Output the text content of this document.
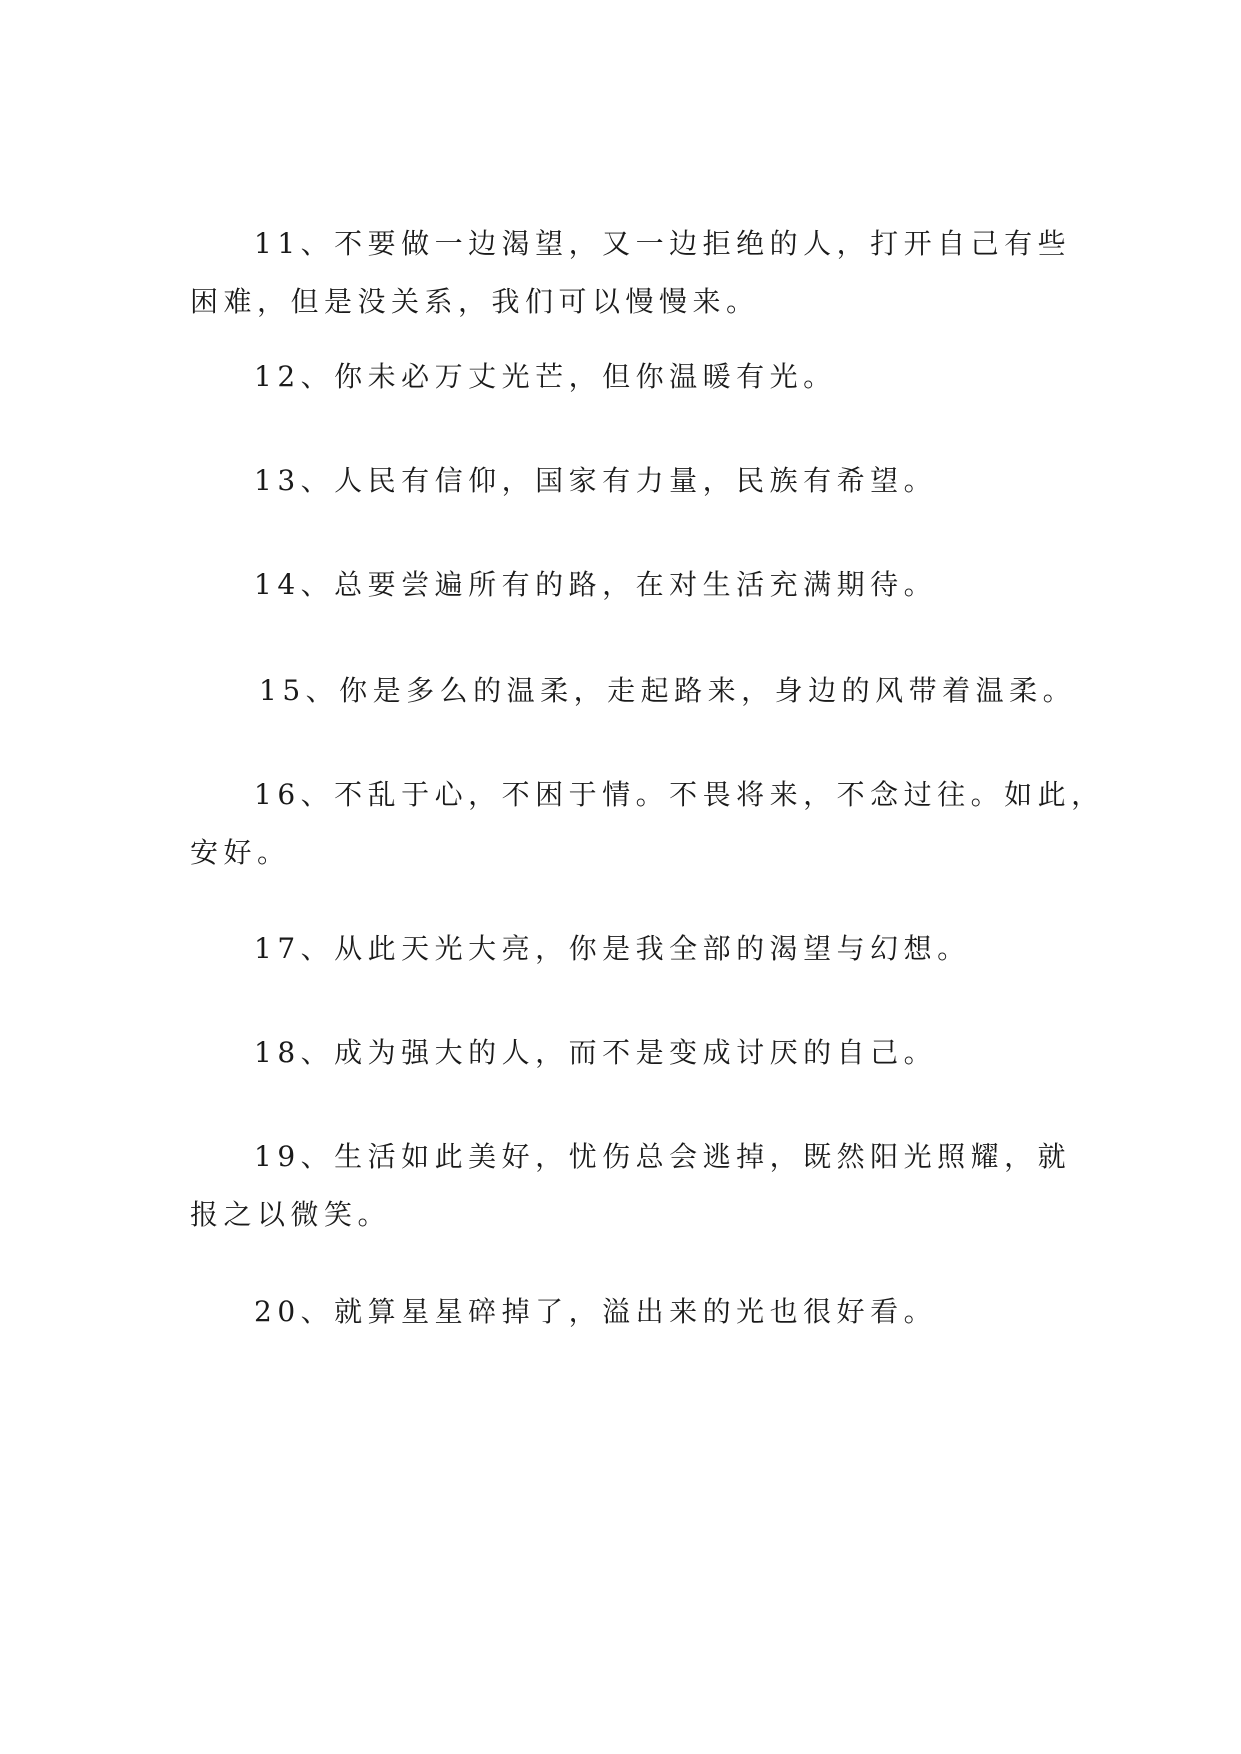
11、不要做一边渴望，又一边拒绝的人，打开自己有些
困难，但是没关系，我们可以慢慢来。

12、你未必万丈光芒，但你温暖有光。

13、人民有信仰，国家有力量，民族有希望。

14、总要尝遍所有的路，在对生活充满期待。

15、你是多么的温柔，走起路来，身边的风带着温柔。

16、不乱于心，不困于情。不畏将来，不念过往。如此，
安好。

17、从此天光大亮，你是我全部的渴望与幻想。

18、成为强大的人，而不是变成讨厌的自己。

19、生活如此美好，忧伤总会逃掉，既然阳光照耀，就
报之以微笑。

20、就算星星碎掉了，溢出来的光也很好看。
